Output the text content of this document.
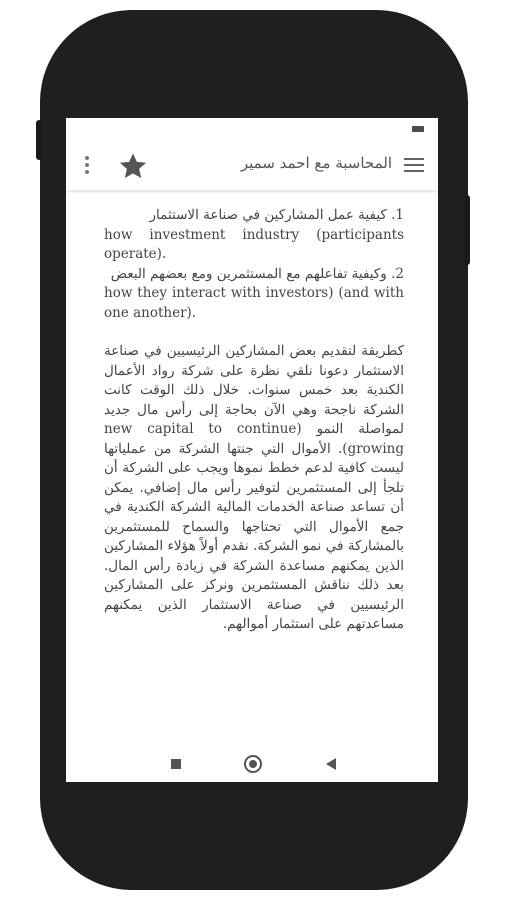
المحاسبة مع احمد سمير

1. كيفية عمل المشاركين في صناعة الاستثمار

how investment industry (participants operate).

2. وكيفية تفاعلهم مع المستثمرين ومع بعضهم البعض

how they interact with investors) (and with one another).

كطريقة لتقديم بعض المشاركين الرئيسيين في صناعة الاستثمار دعونا نلقي نظرة على شركة رواد الأعمال الكندية بعد خمس سنوات. خلال ذلك الوقت كانت الشركة ناجحة وهي الآن بحاجة إلى رأس مال جديد لمواصلة النمو (new capital to continue growing). الأموال التي جنتها الشركة من عملياتها ليست كافية لدعم خطط نموها ويجب على الشركة أن تلجأ إلى المستثمرين لتوفير رأس مال إضافي. يمكن أن تساعد صناعة الخدمات المالية الشركة الكندية في جمع الأموال التي تحتاجها والسماح للمستثمرين بالمشاركة في نمو الشركة. نقدم أولاً هؤلاء المشاركين الذين يمكنهم مساعدة الشركة في زيادة رأس المال. بعد ذلك نناقش المستثمرين ونركز على المشاركين الرئيسيين في صناعة الاستثمار الذين يمكنهم مساعدتهم على استثمار أموالهم.
